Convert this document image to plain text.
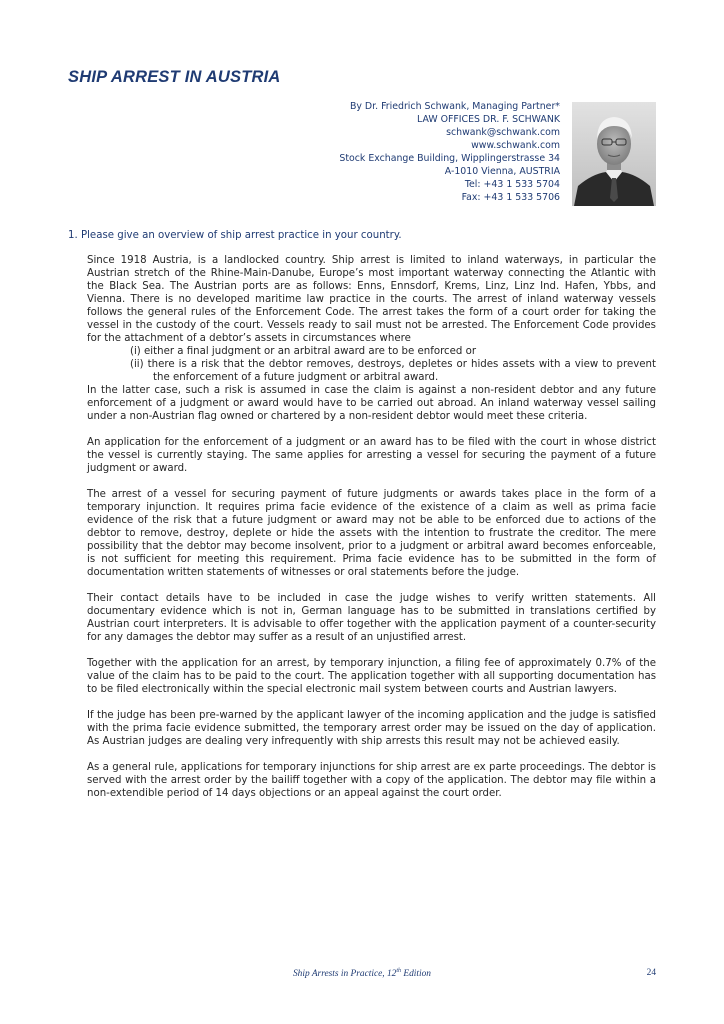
SHIP ARREST IN AUSTRIA
By Dr. Friedrich Schwank, Managing Partner*
LAW OFFICES DR. F. SCHWANK
schwank@schwank.com
www.schwank.com
Stock Exchange Building, Wipplingerstrasse 34
A-1010 Vienna, AUSTRIA
Tel: +43 1 533 5704
Fax: +43 1 533 5706
1. Please give an overview of ship arrest practice in your country.

Since 1918 Austria, is a landlocked country. Ship arrest is limited to inland waterways, in particular the Austrian stretch of the Rhine-Main-Danube, Europe’s most important waterway connecting the Atlantic with the Black Sea. The Austrian ports are as follows: Enns, Ennsdorf, Krems, Linz, Linz Ind. Hafen, Ybbs, and Vienna. There is no developed maritime law practice in the courts. The arrest of inland waterway vessels follows the general rules of the Enforcement Code. The arrest takes the form of a court order for taking the vessel in the custody of the court. Vessels ready to sail must not be arrested. The Enforcement Code provides for the attachment of a debtor’s assets in circumstances where

(i) either a final judgment or an arbitral award are to be enforced or
(ii) there is a risk that the debtor removes, destroys, depletes or hides assets with a view to prevent the enforcement of a future judgment or arbitral award.

In the latter case, such a risk is assumed in case the claim is against a non-resident debtor and any future enforcement of a judgment or award would have to be carried out abroad. An inland waterway vessel sailing under a non-Austrian flag owned or chartered by a non-resident debtor would meet these criteria.

An application for the enforcement of a judgment or an award has to be filed with the court in whose district the vessel is currently staying. The same applies for arresting a vessel for securing the payment of a future judgment or award.

The arrest of a vessel for securing payment of future judgments or awards takes place in the form of a temporary injunction. It requires prima facie evidence of the existence of a claim as well as prima facie evidence of the risk that a future judgment or award may not be able to be enforced due to actions of the debtor to remove, destroy, deplete or hide the assets with the intention to frustrate the creditor. The mere possibility that the debtor may become insolvent, prior to a judgment or arbitral award becomes enforceable, is not sufficient for meeting this requirement. Prima facie evidence has to be submitted in the form of documentation written statements of witnesses or oral statements before the judge.

Their contact details have to be included in case the judge wishes to verify written statements. All documentary evidence which is not in, German language has to be submitted in translations certified by Austrian court interpreters. It is advisable to offer together with the application payment of a counter-security for any damages the debtor may suffer as a result of an unjustified arrest.

Together with the application for an arrest, by temporary injunction, a filing fee of approximately 0.7% of the value of the claim has to be paid to the court. The application together with all supporting documentation has to be filed electronically within the special electronic mail system between courts and Austrian lawyers.

If the judge has been pre-warned by the applicant lawyer of the incoming application and the judge is satisfied with the prima facie evidence submitted, the temporary arrest order may be issued on the day of application. As Austrian judges are dealing very infrequently with ship arrests this result may not be achieved easily.

As a general rule, applications for temporary injunctions for ship arrest are ex parte proceedings. The debtor is served with the arrest order by the bailiff together with a copy of the application. The debtor may file within a non-extendible period of 14 days objections or an appeal against the court order.

Ship Arrests in Practice, 12th Edition	24
